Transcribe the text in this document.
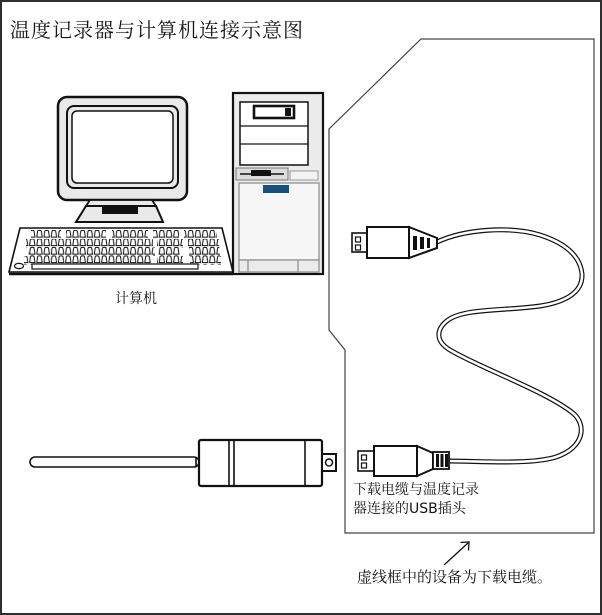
温度记录器与计算机连接示意图
计算机
下载电缆与温度记录
器连接的USB插头
虚线框中的设备为下载电缆。
